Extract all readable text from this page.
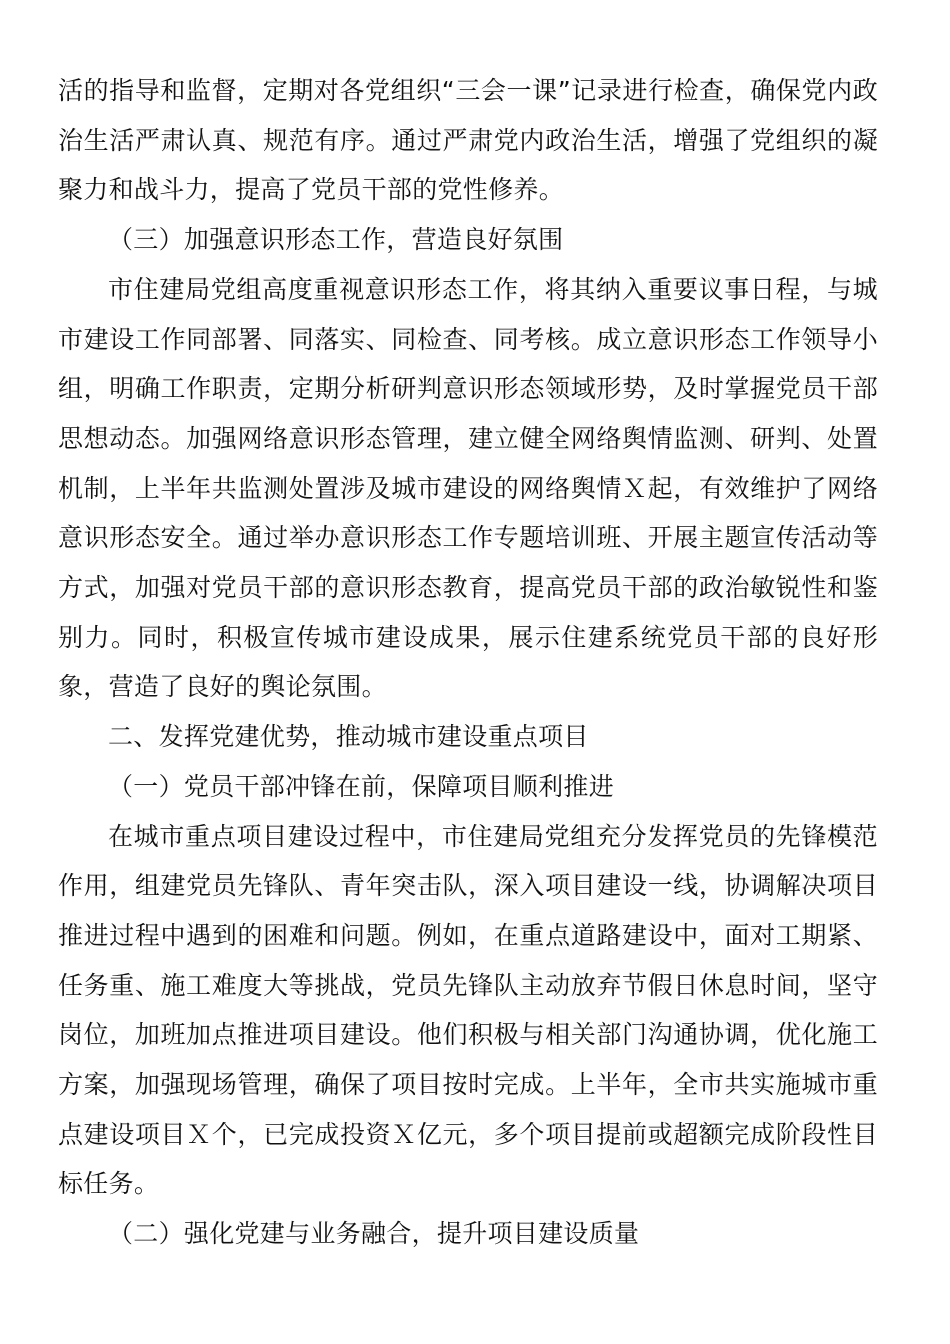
活的指导和监督，定期对各党组织“三会一课”记录进行检查，确保党内政治生活严肃认真、规范有序。通过严肃党内政治生活，增强了党组织的凝聚力和战斗力，提高了党员干部的党性修养。

（三）加强意识形态工作，营造良好氛围

市住建局党组高度重视意识形态工作，将其纳入重要议事日程，与城市建设工作同部署、同落实、同检查、同考核。成立意识形态工作领导小组，明确工作职责，定期分析研判意识形态领域形势，及时掌握党员干部思想动态。加强网络意识形态管理，建立健全网络舆情监测、研判、处置机制，上半年共监测处置涉及城市建设的网络舆情Ｘ起，有效维护了网络意识形态安全。通过举办意识形态工作专题培训班、开展主题宣传活动等方式，加强对党员干部的意识形态教育，提高党员干部的政治敏锐性和鉴别力。同时，积极宣传城市建设成果，展示住建系统党员干部的良好形象，营造了良好的舆论氛围。

二、发挥党建优势，推动城市建设重点项目

（一）党员干部冲锋在前，保障项目顺利推进

在城市重点项目建设过程中，市住建局党组充分发挥党员的先锋模范作用，组建党员先锋队、青年突击队，深入项目建设一线，协调解决项目推进过程中遇到的困难和问题。例如，在重点道路建设中，面对工期紧、任务重、施工难度大等挑战，党员先锋队主动放弃节假日休息时间，坚守岗位，加班加点推进项目建设。他们积极与相关部门沟通协调，优化施工方案，加强现场管理，确保了项目按时完成。上半年，全市共实施城市重点建设项目Ｘ个，已完成投资Ｘ亿元，多个项目提前或超额完成阶段性目标任务。

（二）强化党建与业务融合，提升项目建设质量
